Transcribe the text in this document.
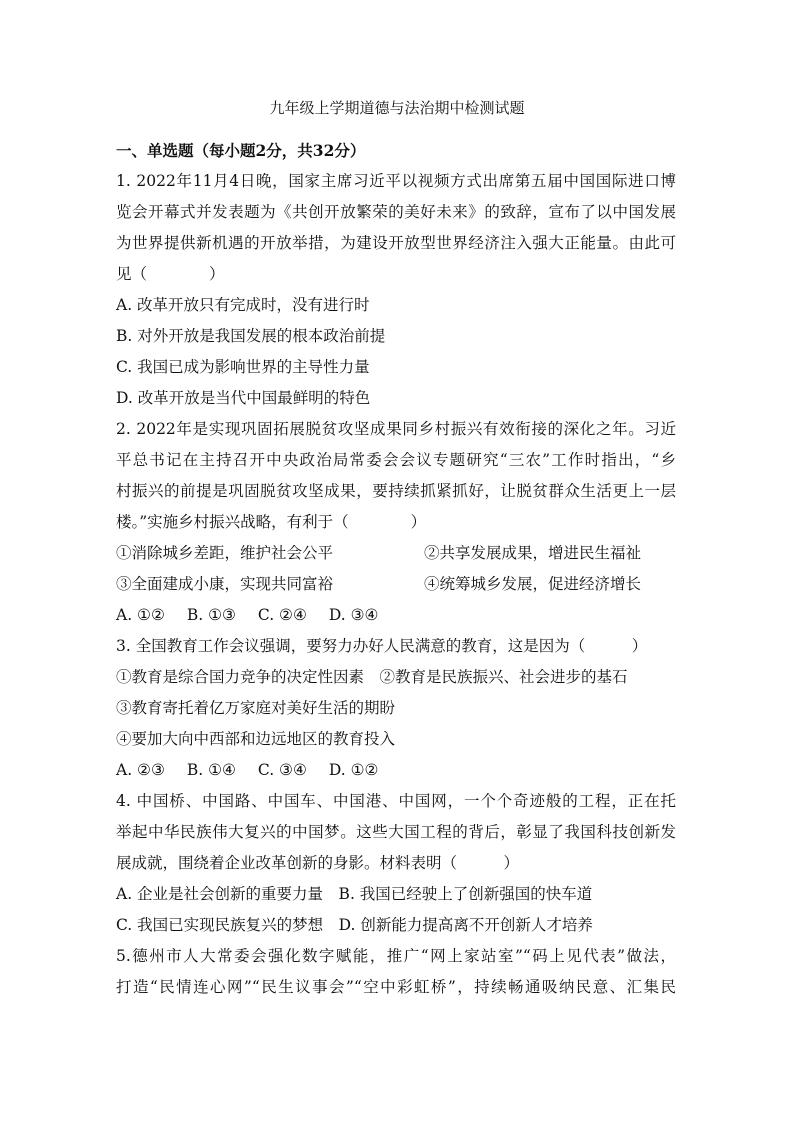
九年级上学期道德与法治期中检测试题
一、单选题（每小题2分，共32分）
1. 2022年11月4日晚，国家主席习近平以视频方式出席第五届中国国际进口博
览会开幕式并发表题为《共创开放繁荣的美好未来》的致辞，宣布了以中国发展
为世界提供新机遇的开放举措，为建设开放型世界经济注入强大正能量。由此可
见（　　　　）
A. 改革开放只有完成时，没有进行时
B. 对外开放是我国发展的根本政治前提
C. 我国已成为影响世界的主导性力量
D. 改革开放是当代中国最鲜明的特色
2. 2022年是实现巩固拓展脱贫攻坚成果同乡村振兴有效衔接的深化之年。习近
平总书记在主持召开中央政治局常委会会议专题研究“三农”工作时指出，“乡
村振兴的前提是巩固脱贫攻坚成果，要持续抓紧抓好，让脱贫群众生活更上一层
楼。”实施乡村振兴战略，有利于（　　　　）
①消除城乡差距，维护社会公平	②共享发展成果，增进民生福祉
③全面建成小康，实现共同富裕	④统筹城乡发展，促进经济增长
A. ①② B. ①③ C. ②④ D. ③④
3. 全国教育工作会议强调，要努力办好人民满意的教育，这是因为（　　　）
①教育是综合国力竞争的决定性因素　②教育是民族振兴、社会进步的基石
③教育寄托着亿万家庭对美好生活的期盼
④要加大向中西部和边远地区的教育投入
A. ②③ B. ①④ C. ③④ D. ①②
4. 中国桥、中国路、中国车、中国港、中国网，一个个奇迹般的工程，正在托
举起中华民族伟大复兴的中国梦。这些大国工程的背后，彰显了我国科技创新发
展成就，围绕着企业改革创新的身影。材料表明（　　　）
A. 企业是社会创新的重要力量　B. 我国已经驶上了创新强国的快车道
C. 我国已实现民族复兴的梦想　D. 创新能力提高离不开创新人才培养
5.德州市人大常委会强化数字赋能，推广“网上家站室”“码上见代表”做法，
打造“民情连心网”“民生议事会”“空中彩虹桥”，持续畅通吸纳民意、汇集民
